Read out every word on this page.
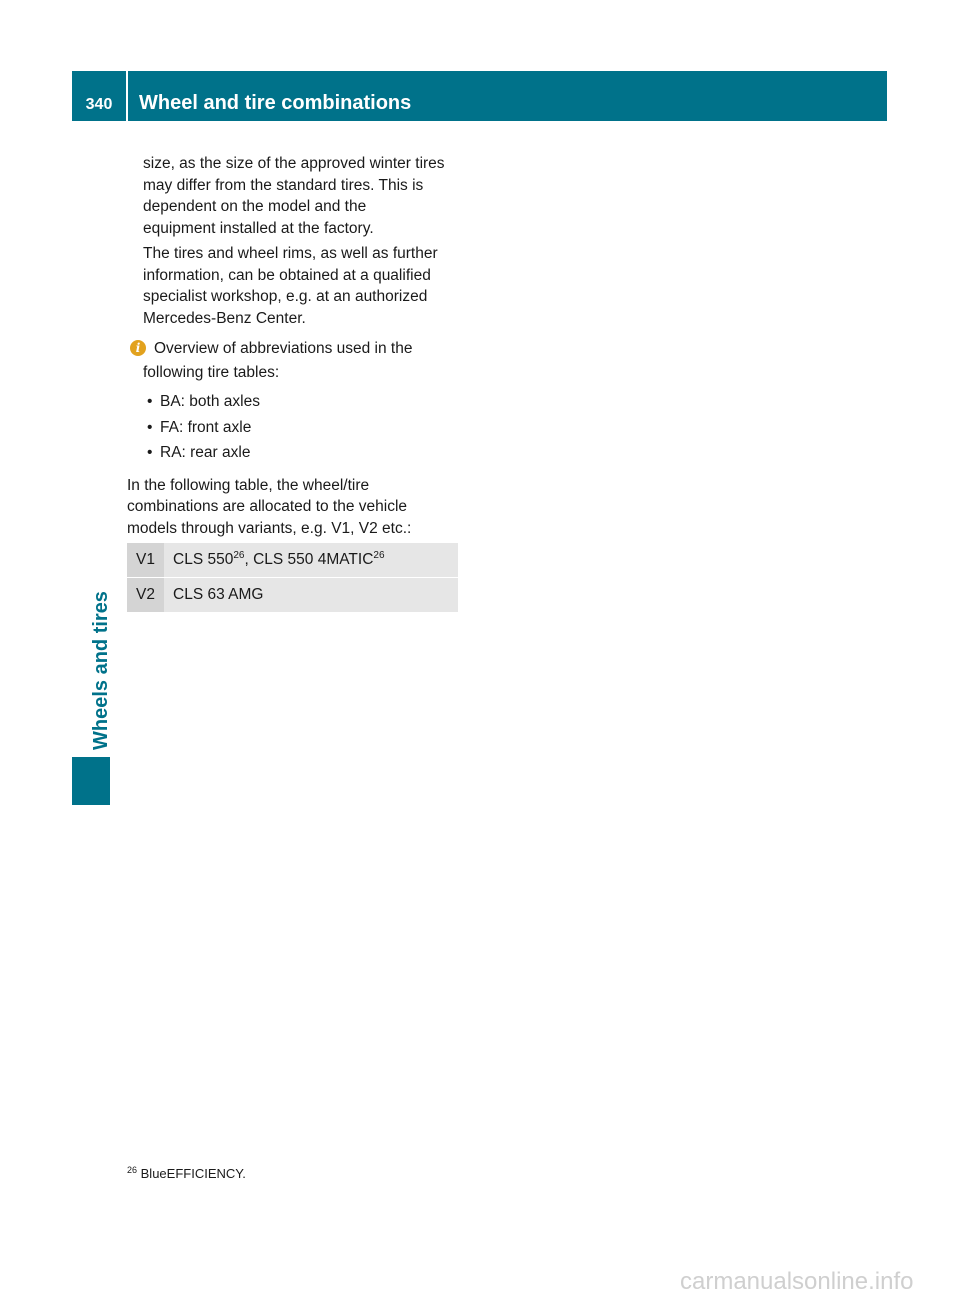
340	Wheel and tire combinations
Wheels and tires

size, as the size of the approved winter tires

may differ from the standard tires. This is

dependent on the model and the

equipment installed at the factory.

The tires and wheel rims, as well as further

information, can be obtained at a qualified

specialist workshop, e.g. at an authorized

Mercedes-Benz Center.

i Overview of abbreviations used in the

following tire tables:

• BA: both axles
• FA: front axle
• RA: rear axle

In the following table, the wheel/tire

combinations are allocated to the vehicle

models through variants, e.g. V1, V2 etc.:

V1	CLS $550^{26}$, CLS 550 4MATIC$^{26}$
V2	CLS 63 AMG
$^{26}$ BlueEFFICIENCY.
carmanualsonline.info
